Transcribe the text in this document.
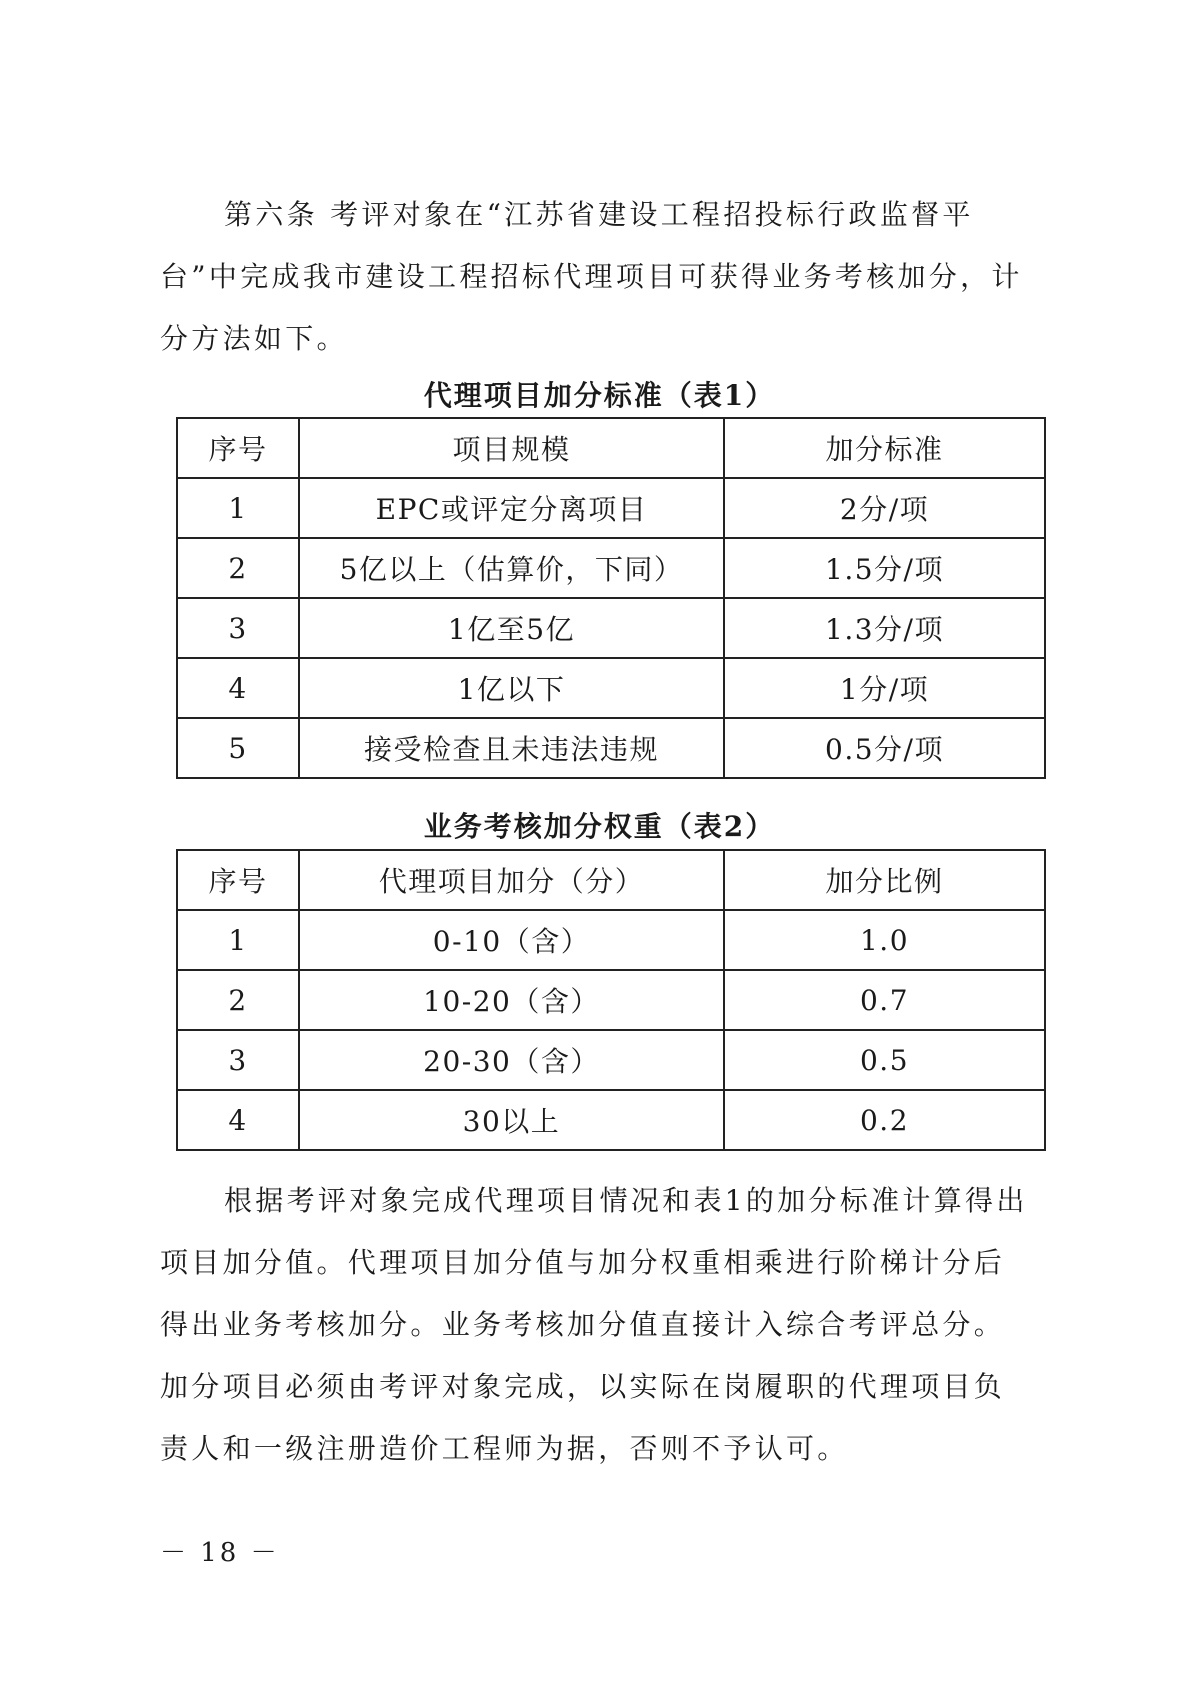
第六条 考评对象在“江苏省建设工程招投标行政监督平台”中完成我市建设工程招标代理项目可获得业务考核加分，计分方法如下。

代理项目加分标准（表1）

序号	项目规模	加分标准
1	EPC或评定分离项目	2分/项
2	5亿以上（估算价，下同）	1.5分/项
3	1亿至5亿	1.3分/项
4	1亿以下	1分/项
5	接受检查且未违法违规	0.5分/项

业务考核加分权重（表2）

序号	代理项目加分（分）	加分比例
1	0-10（含）	1.0
2	10-20（含）	0.7
3	20-30（含）	0.5
4	30以上	0.2

根据考评对象完成代理项目情况和表1的加分标准计算得出项目加分值。代理项目加分值与加分权重相乘进行阶梯计分后得出业务考核加分。业务考核加分值直接计入综合考评总分。加分项目必须由考评对象完成，以实际在岗履职的代理项目负责人和一级注册造价工程师为据，否则不予认可。

－ 18 －
